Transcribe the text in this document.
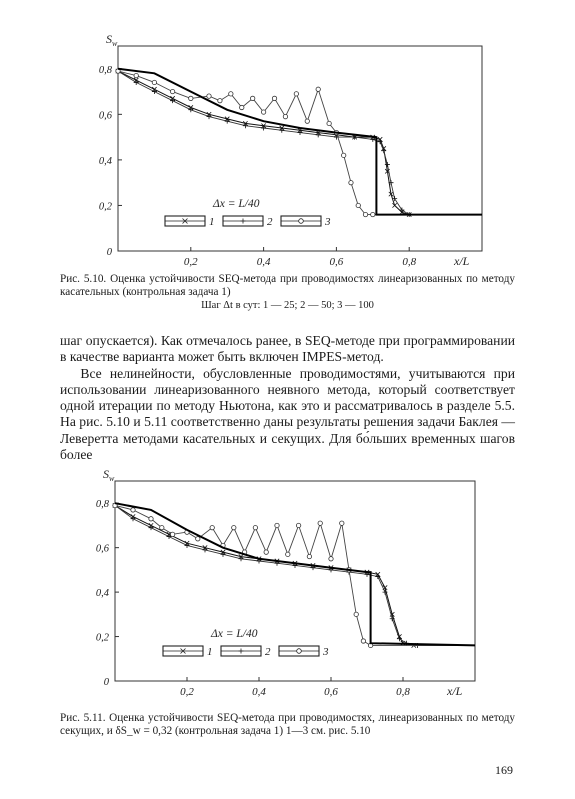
0,2	0,4	0,6	0,8
0
0,2
0,4
0,6
0,8
$S_w$
x/L
Δx = L/40
1	2	3
0,2	0,4	0,6	0,8
0
0,2
0,4
0,6
0,8
$S_w$
x/L
Δx = L/40
1	2	3
Рис. 5.10. Оценка устойчивости SEQ-метода при проводимостях линеаризованных по методу касательных (контрольная задача 1)
Шаг Δt в сут: 1 — 25; 2 — 50; 3 — 100

шаг опускается). Как отмечалось ранее, в SEQ-методе при программировании в качестве варианта может быть включен IMPES-метод.

Все нелинейности, обусловленные проводимостями, учитываются при использовании линеаризованного неявного метода, который соответствует одной итерации по методу Ньютона, как это и рассматривалось в разделе 5.5. На рис. 5.10 и 5.11 соответственно даны результаты решения задачи Баклея — Леверетта методами касательных и секущих. Для бо́льших временных шагов более

Рис. 5.11. Оценка устойчивости SEQ-метода при проводимостях, линеаризованных по методу секущих, и δS_w = 0,32 (контрольная задача 1) 1—3 см. рис. 5.10
169
